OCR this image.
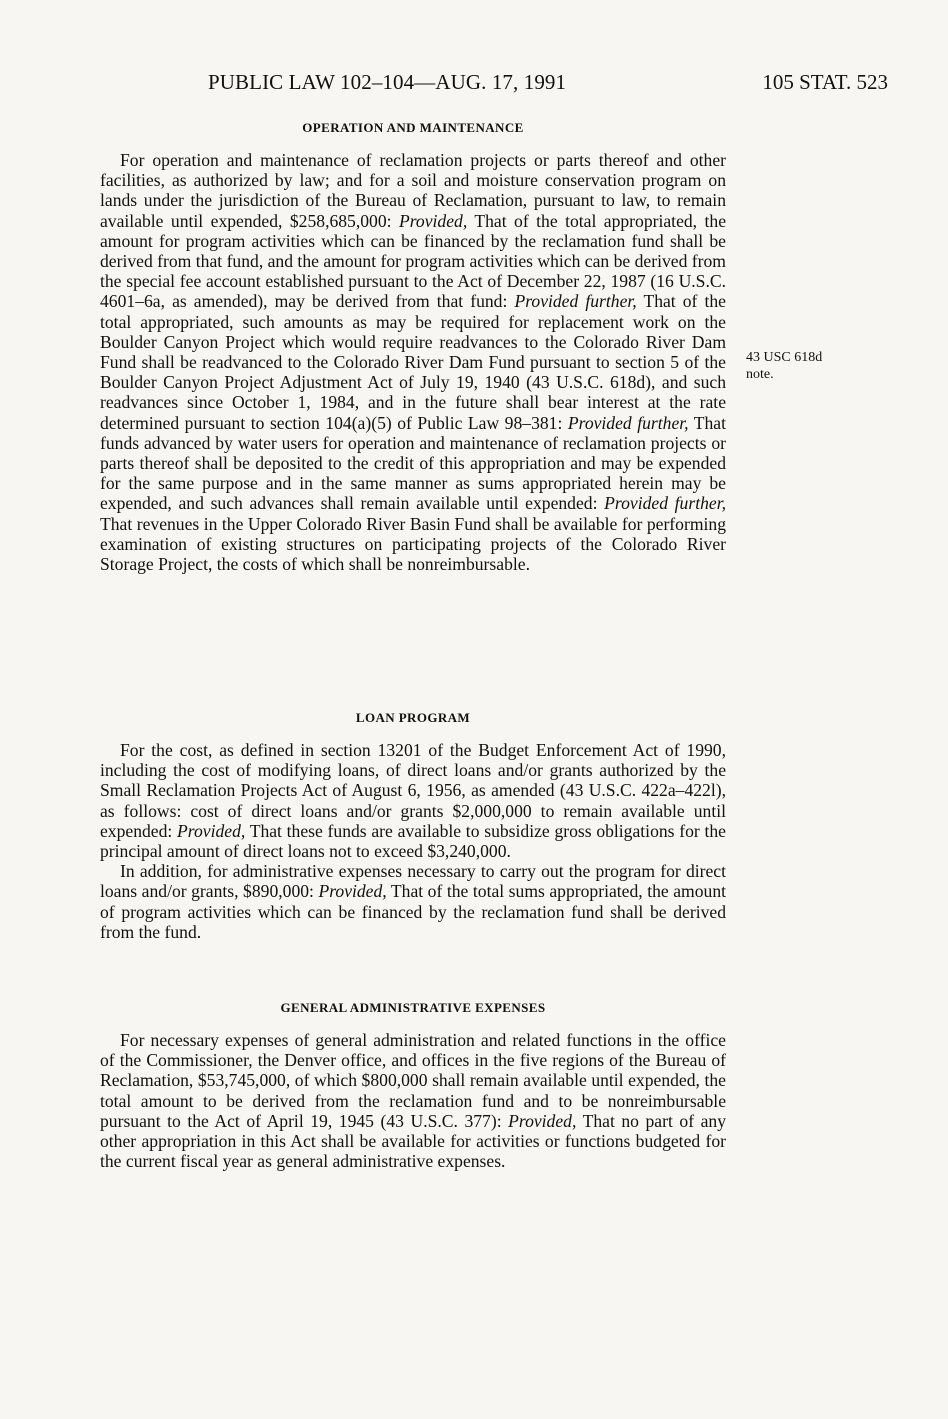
PUBLIC LAW 102–104—AUG. 17, 1991	105 STAT. 523
OPERATION AND MAINTENANCE

For operation and maintenance of reclamation projects or parts thereof and other facilities, as authorized by law; and for a soil and moisture conservation program on lands under the jurisdiction of the Bureau of Reclamation, pursuant to law, to remain available until expended, $258,685,000: Provided, That of the total appropriated, the amount for program activities which can be financed by the reclamation fund shall be derived from that fund, and the amount for program activities which can be derived from the special fee account established pursuant to the Act of December 22, 1987 (16 U.S.C. 4601–6a, as amended), may be derived from that fund: Provided further, That of the total appropriated, such amounts as may be required for replacement work on the Boulder Canyon Project which would require readvances to the Colorado River Dam Fund shall be readvanced to the Colorado River Dam Fund pursuant to section 5 of the Boulder Canyon Project Adjustment Act of July 19, 1940 (43 U.S.C. 618d), and such readvances since October 1, 1984, and in the future shall bear interest at the rate determined pursuant to section 104(a)(5) of Public Law 98–381: Provided further, That funds advanced by water users for operation and maintenance of reclamation projects or parts thereof shall be deposited to the credit of this appropriation and may be expended for the same purpose and in the same manner as sums appropriated herein may be expended, and such advances shall remain available until expended: Provided further, That revenues in the Upper Colorado River Basin Fund shall be available for performing examination of existing structures on participating projects of the Colorado River Storage Project, the costs of which shall be nonreimbursable.

43 USC 618d
note.
LOAN PROGRAM

For the cost, as defined in section 13201 of the Budget Enforcement Act of 1990, including the cost of modifying loans, of direct loans and/or grants authorized by the Small Reclamation Projects Act of August 6, 1956, as amended (43 U.S.C. 422a–422l), as follows: cost of direct loans and/or grants $2,000,000 to remain available until expended: Provided, That these funds are available to subsidize gross obligations for the principal amount of direct loans not to exceed $3,240,000.

In addition, for administrative expenses necessary to carry out the program for direct loans and/or grants, $890,000: Provided, That of the total sums appropriated, the amount of program activities which can be financed by the reclamation fund shall be derived from the fund.

GENERAL ADMINISTRATIVE EXPENSES

For necessary expenses of general administration and related functions in the office of the Commissioner, the Denver office, and offices in the five regions of the Bureau of Reclamation, $53,745,000, of which $800,000 shall remain available until expended, the total amount to be derived from the reclamation fund and to be nonreimbursable pursuant to the Act of April 19, 1945 (43 U.S.C. 377): Provided, That no part of any other appropriation in this Act shall be available for activities or functions budgeted for the current fiscal year as general administrative expenses.
